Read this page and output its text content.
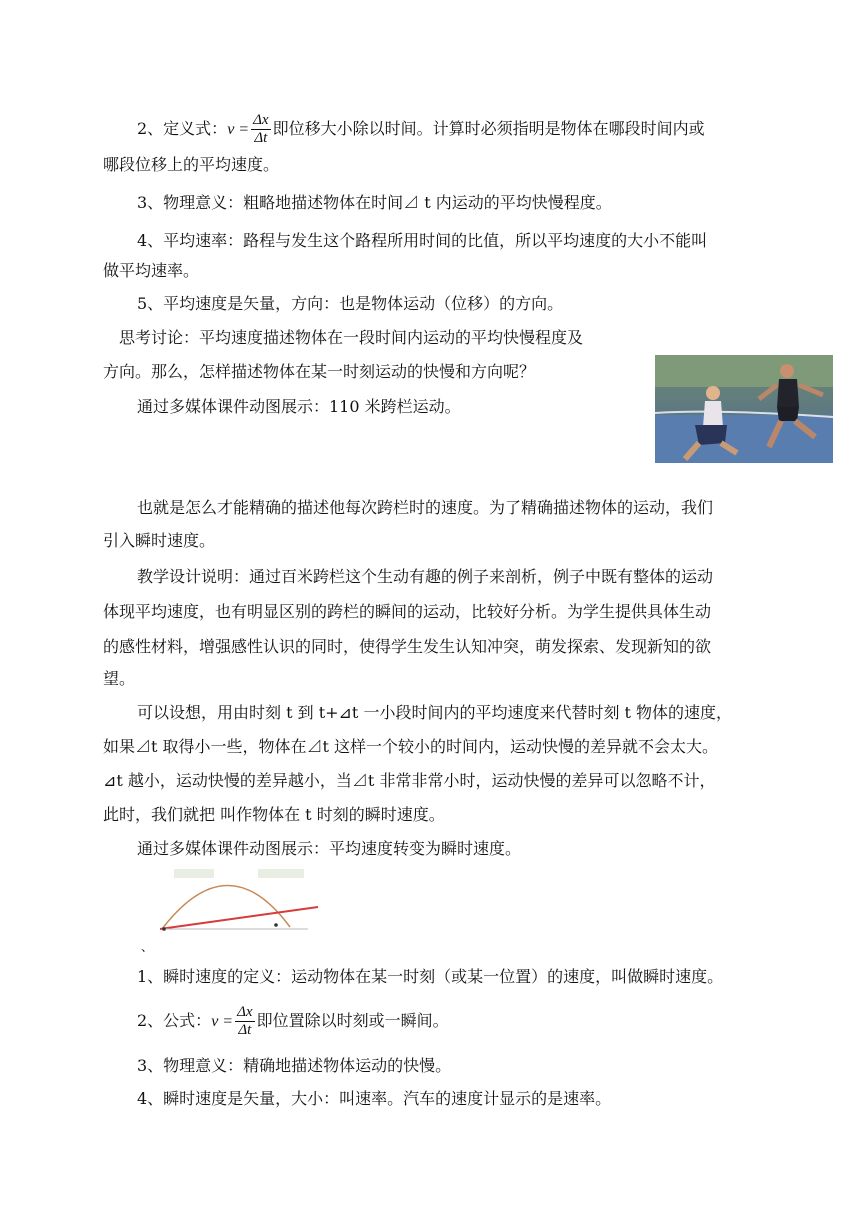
2、定义式：$v = \frac{\Delta x}{\Delta t}$ 即位移大小除以时间。计算时必须指明是物体在哪段时间内或
哪段位移上的平均速度。
3、物理意义：粗略地描述物体在时间⊿ t 内运动的平均快慢程度。
4、平均速率：路程与发生这个路程所用时间的比值，所以平均速度的大小不能叫
做平均速率。
5、平均速度是矢量，方向：也是物体运动（位移）的方向。
思考讨论：平均速度描述物体在一段时间内运动的平均快慢程度及
方向。那么，怎样描述物体在某一时刻运动的快慢和方向呢？
通过多媒体课件动图展示：110 米跨栏运动。
也就是怎么才能精确的描述他每次跨栏时的速度。为了精确描述物体的运动，我们
引入瞬时速度。
教学设计说明：通过百米跨栏这个生动有趣的例子来剖析，例子中既有整体的运动
体现平均速度，也有明显区别的跨栏的瞬间的运动，比较好分析。为学生提供具体生动
的感性材料，增强感性认识的同时，使得学生发生认知冲突，萌发探索、发现新知的欲
望。
可以设想，用由时刻 t 到 t+⊿t 一小段时间内的平均速度来代替时刻 t 物体的速度，
如果⊿t 取得小一些，物体在⊿t 这样一个较小的时间内，运动快慢的差异就不会太大。
⊿t 越小，运动快慢的差异越小，当⊿t 非常非常小时，运动快慢的差异可以忽略不计，
此时，我们就把 叫作物体在 t 时刻的瞬时速度。
通过多媒体课件动图展示：平均速度转变为瞬时速度。
、
1、瞬时速度的定义：运动物体在某一时刻（或某一位置）的速度，叫做瞬时速度。
2、公式：$v = \frac{\Delta x}{\Delta t}$ 即位置除以时刻或一瞬间。
3、物理意义：精确地描述物体运动的快慢。
4、瞬时速度是矢量，大小：叫速率。汽车的速度计显示的是速率。
